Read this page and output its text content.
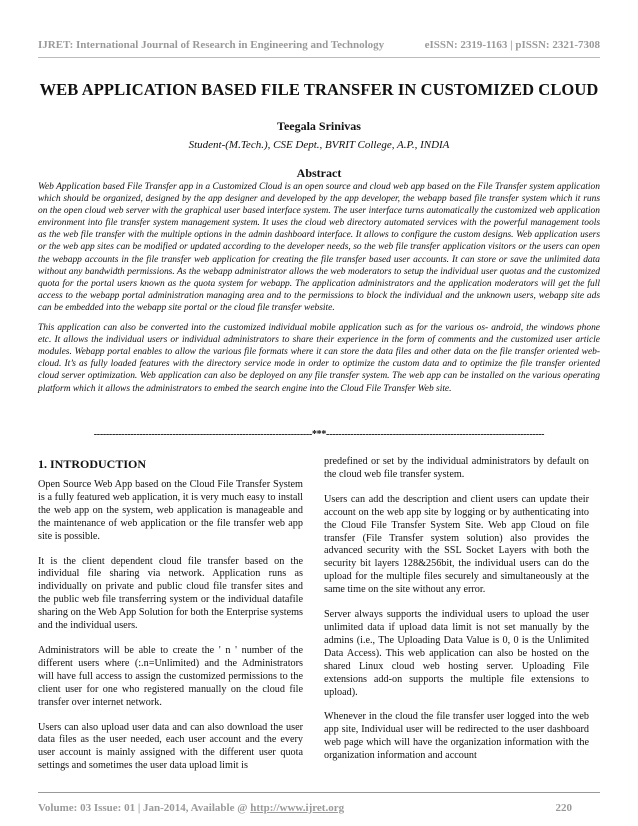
IJRET: International Journal of Research in Engineering and Technology	eISSN: 2319-1163 | pISSN: 2321-7308
WEB APPLICATION BASED FILE TRANSFER IN CUSTOMIZED CLOUD
Teegala Srinivas
Student-(M.Tech.), CSE Dept., BVRIT College, A.P., INDIA
Abstract

Web Application based File Transfer app in a Customized Cloud is an open source and cloud web app based on the File Transfer system application which should be organized, designed by the app designer and developed by the app developer, the webapp based file transfer system which it runs on the open cloud web server with the graphical user based interface system. The user interface turns automatically the customized web application environment into file transfer system management system. It uses the cloud web directory automated services with the powerful management tools as the web file transfer with the multiple options in the admin dashboard interface. It allows to configure the custom designs. Web application users or the web app sites can be modified or updated according to the developer needs, so the web file transfer application visitors or the users can open the webapp accounts in the file transfer web application for creating the file transfer based user accounts. It can store or save the unlimited data without any bandwidth permissions. As the webapp administrator allows the web moderators to setup the individual user quotas and the customized quota for the portal users known as the quota system for webapp. The application administrators and the application moderators will get the full access to the webapp portal administration managing area and to the permissions to block the individual and the unknown users, webapp site ads can be embedded into the webapp site portal or the cloud file transfer website.

This application can also be converted into the customized individual mobile application such as for the various os- android, the windows phone etc. It allows the individual users or individual administrators to share their experience in the form of comments and the customized user article modules. Webapp portal enables to allow the various file formats where it can store the data files and other data on the file transfer oriented web-cloud. It’s as fully loaded features with the directory service mode in order to optimize the custom data and to optimize the file transfer oriented cloud server optimization. Web application can also be deployed on any file transfer system. The web app can be installed on the various operating platform which it allows the administrators to embed the search engine into the Cloud File Transfer Web site.

------------------------------------------------------------------------***------------------------------------------------------------------------

1. INTRODUCTION

Open Source Web App based on the Cloud File Transfer System is a fully featured web application, it is very much easy to install the web app on the system, web application is manageable and the maintenance of web application or the file transfer web app site is possible.

It is the client dependent cloud file transfer based on the individual file sharing via network. Application runs as individually on private and public cloud file transfer sites and the public web file transferring system or the individual datafile sharing on the Web App Solution for both the Enterprise systems and the individual users.

Administrators will be able to create the ' n ' number of the different users where (:.n=Unlimited) and the Administrators will have full access to assign the customized permissions to the client user for one who registered manually on the cloud file transfer over internet network.

Users can also upload user data and can also download the user data files as the user needed, each user account and the every user account is mainly assigned with the different user quota settings and sometimes the user data upload limit is

predefined or set by the individual administrators by default on the cloud web file transfer system.

Users can add the description and client users can update their account on the web app site by logging or by authenticating into the Cloud File Transfer System Site. Web app Cloud on file transfer (File Transfer system solution) also provides the advanced security with the SSL Socket Layers with both the security bit layers 128&256bit, the individual users can do the upload for the multiple files securely and simultaneously at the same time on the site without any error.

Server always supports the individual users to upload the user unlimited data if upload data limit is not set manually by the admins (i.e., The Uploading Data Value is 0, 0 is the Unlimited Data Access). This web application can also be hosted on the shared Linux cloud web hosting server. Uploading File extensions add-on supports the multiple file extensions to upload).

Whenever in the cloud the file transfer user logged into the web app site, Individual user will be redirected to the user dashboard web page which will have the organization information with the organization information and account

Volume: 03 Issue: 01 | Jan-2014, Available @ http://www.ijret.org	220
